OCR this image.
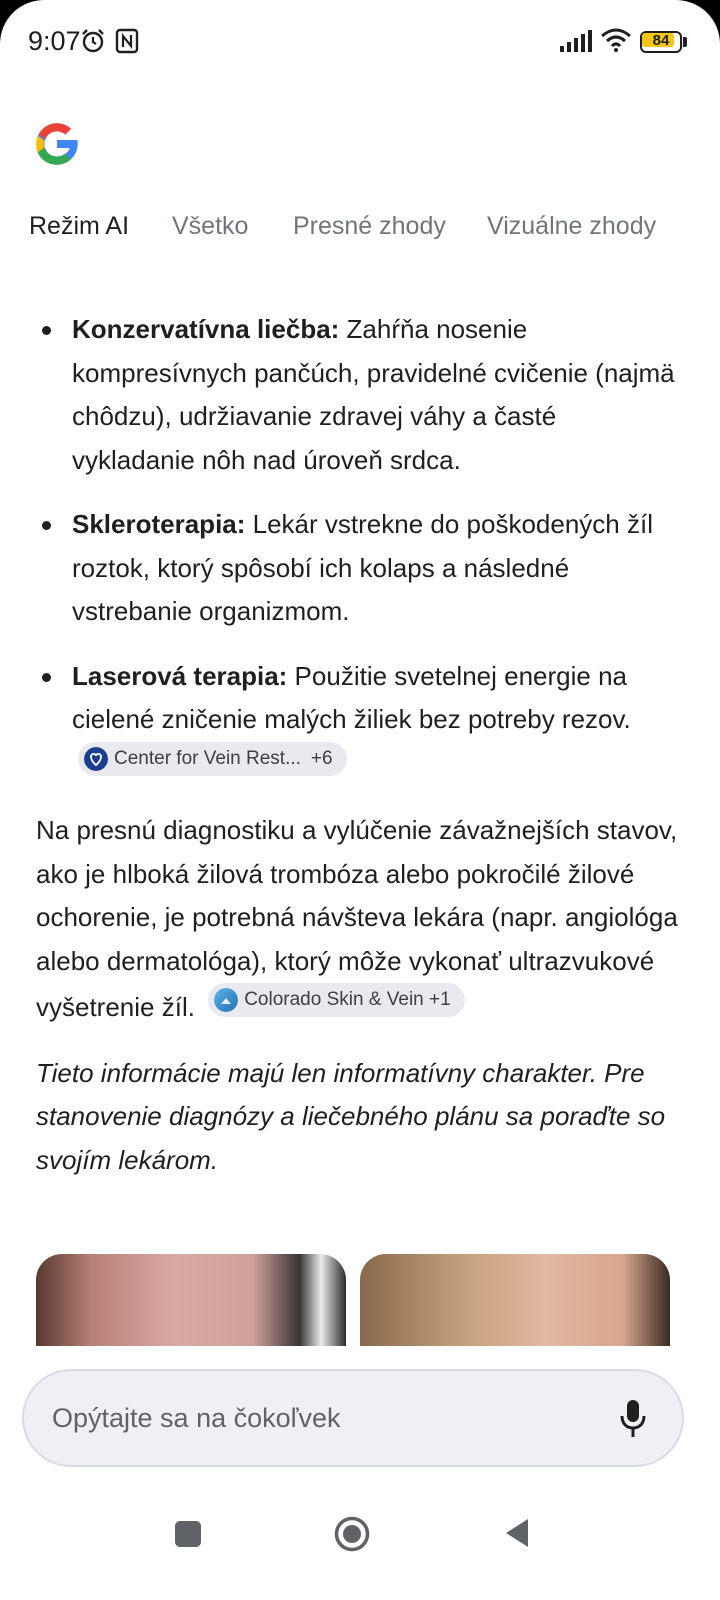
9:07	84
Režim AI Všetko Presné zhody Vizuálne zhody
Konzervatívna liečba: Zahŕňa nosenie kompresívnych pančúch, pravidelné cvičenie (najmä chôdzu), udržiavanie zdravej váhy a časté vykladanie nôh nad úroveň srdca.
Skleroterapia: Lekár vstrekne do poškodených žíl roztok, ktorý spôsobí ich kolaps a následné vstrebanie organizmom.
Laserová terapia: Použitie svetelnej energie na cielené zničenie malých žiliek bez potreby rezov.
Center for Vein Rest... +6

Na presnú diagnostiku a vylúčenie závažnejších stavov, ako je hlboká žilová trombóza alebo pokročilé žilové ochorenie, je potrebná návšteva lekára (napr. angiológa alebo dermatológa), ktorý môže vykonať ultrazvukové vyšetrenie žíl.	Colorado Skin & Vein +1

Tieto informácie majú len informatívny charakter. Pre stanovenie diagnózy a liečebného plánu sa poraďte so svojím lekárom.

Opýtajte sa na čokoľvek
